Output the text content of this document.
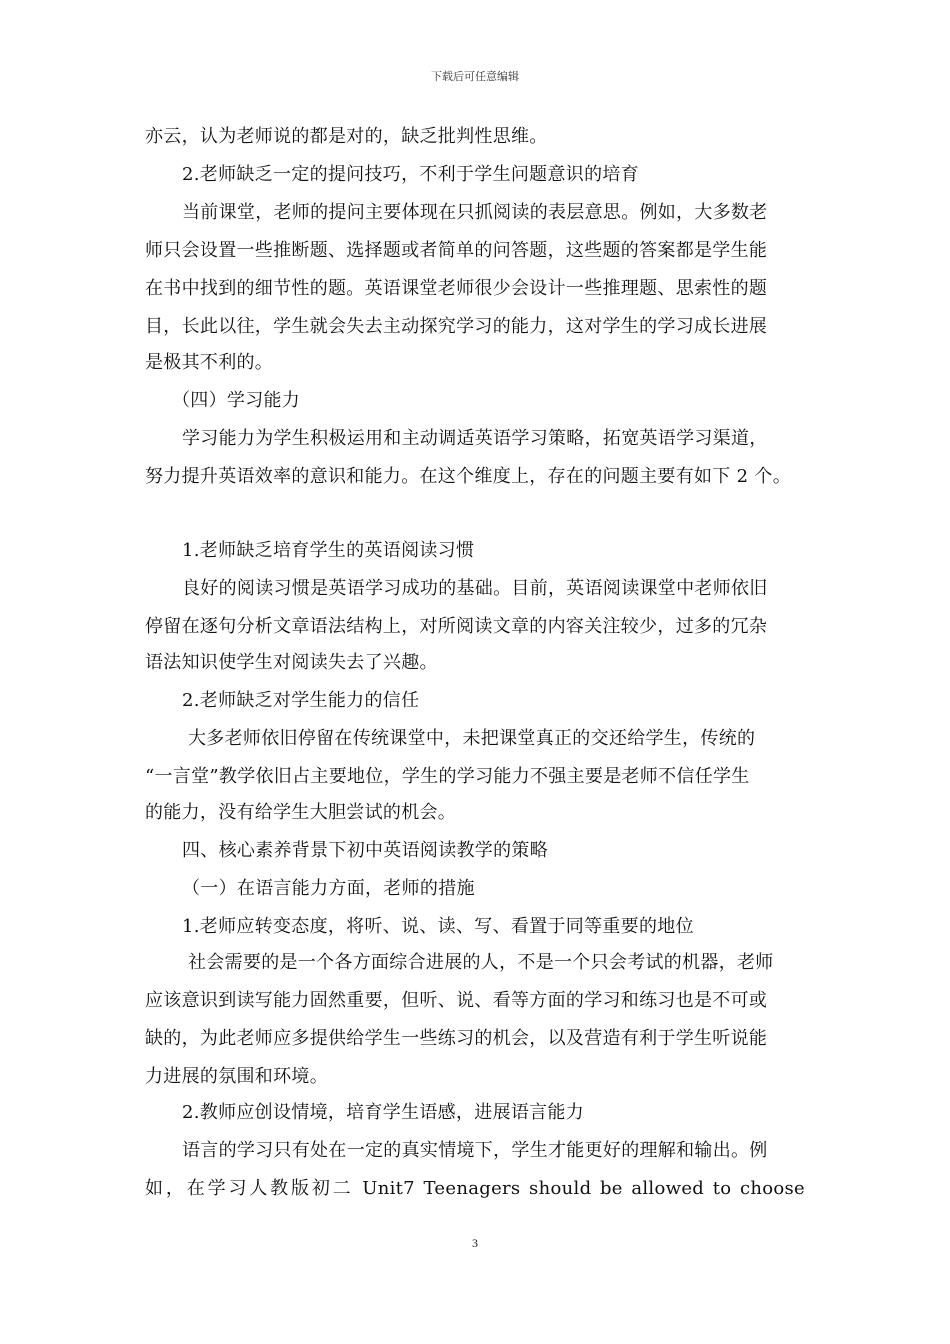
下载后可任意编辑
亦云，认为老师说的都是对的，缺乏批判性思维。
2.老师缺乏一定的提问技巧，不利于学生问题意识的培育
当前课堂，老师的提问主要体现在只抓阅读的表层意思。例如，大多数老
师只会设置一些推断题、选择题或者简单的问答题，这些题的答案都是学生能
在书中找到的细节性的题。英语课堂老师很少会设计一些推理题、思索性的题
目，长此以往，学生就会失去主动探究学习的能力，这对学生的学习成长进展
是极其不利的。
（四）学习能力
学习能力为学生积极运用和主动调适英语学习策略，拓宽英语学习渠道，
努力提升英语效率的意识和能力。在这个维度上，存在的问题主要有如下 2 个。
1.老师缺乏培育学生的英语阅读习惯
良好的阅读习惯是英语学习成功的基础。目前，英语阅读课堂中老师依旧
停留在逐句分析文章语法结构上，对所阅读文章的内容关注较少，过多的冗杂
语法知识使学生对阅读失去了兴趣。
2.老师缺乏对学生能力的信任
大多老师依旧停留在传统课堂中，未把课堂真正的交还给学生，传统的
“一言堂”教学依旧占主要地位，学生的学习能力不强主要是老师不信任学生
的能力，没有给学生大胆尝试的机会。
四、核心素养背景下初中英语阅读教学的策略
（一）在语言能力方面，老师的措施
1.老师应转变态度，将听、说、读、写、看置于同等重要的地位
社会需要的是一个各方面综合进展的人，不是一个只会考试的机器，老师
应该意识到读写能力固然重要，但听、说、看等方面的学习和练习也是不可或
缺的，为此老师应多提供给学生一些练习的机会，以及营造有利于学生听说能
力进展的氛围和环境。
2.教师应创设情境，培育学生语感，进展语言能力
语言的学习只有处在一定的真实情境下，学生才能更好的理解和输出。例
如，在学习人教版初二 Unit7 Teenagers should be allowed to choose
3
